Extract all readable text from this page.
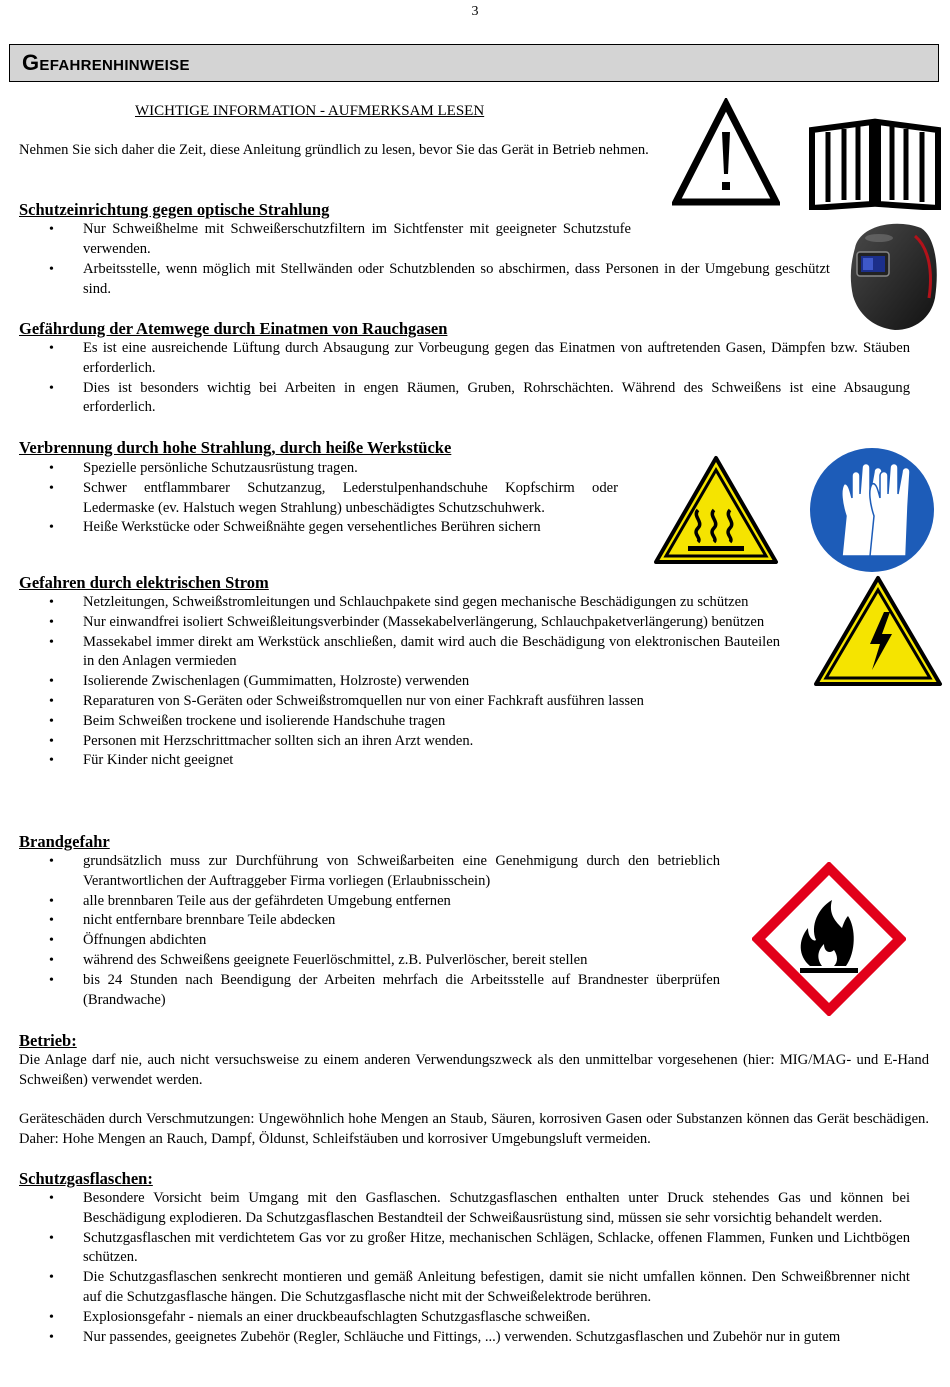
3
Gefahrenhinweise
WICHTIGE INFORMATION - AUFMERKSAM LESEN
Nehmen Sie sich daher die Zeit, diese Anleitung gründlich zu lesen, bevor Sie das Gerät in Betrieb nehmen.
Schutzeinrichtung gegen optische Strahlung
• Nur Schweißhelme mit Schweißerschutzfiltern im Sichtfenster mit geeigneter Schutzstufe verwenden.
• Arbeitsstelle, wenn möglich mit Stellwänden oder Schutzblenden so abschirmen, dass Personen in der Umgebung geschützt sind.
Gefährdung der Atemwege durch Einatmen von Rauchgasen
• Es ist eine ausreichende Lüftung durch Absaugung zur Vorbeugung gegen das Einatmen von auftretenden Gasen, Dämpfen bzw. Stäuben erforderlich.
• Dies ist besonders wichtig bei Arbeiten in engen Räumen, Gruben, Rohrschächten. Während des Schweißens ist eine Absaugung erforderlich.
Verbrennung durch hohe Strahlung, durch heiße Werkstücke
• Spezielle persönliche Schutzausrüstung tragen.
• Schwer entflammbarer Schutzanzug, Lederstulpenhandschuhe Kopfschirm oder Ledermaske (ev. Halstuch wegen Strahlung) unbeschädigtes Schutzschuhwerk.
• Heiße Werkstücke oder Schweißnähte gegen versehentliches Berühren sichern
Gefahren durch elektrischen Strom
• Netzleitungen, Schweißstromleitungen und Schlauchpakete sind gegen mechanische Beschädigungen zu schützen
• Nur einwandfrei isoliert Schweißleitungsverbinder (Massekabelverlängerung, Schlauchpaketverlängerung) benützen
• Massekabel immer direkt am Werkstück anschließen, damit wird auch die Beschädigung von elektronischen Bauteilen in den Anlagen vermieden
• Isolierende Zwischenlagen (Gummimatten, Holzroste) verwenden
• Reparaturen von S-Geräten oder Schweißstromquellen nur von einer Fachkraft ausführen lassen
• Beim Schweißen trockene und isolierende Handschuhe tragen
• Personen mit Herzschrittmacher sollten sich an ihren Arzt wenden.
• Für Kinder nicht geeignet
Brandgefahr
• grundsätzlich muss zur Durchführung von Schweißarbeiten eine Genehmigung durch den betrieblich Verantwortlichen der Auftraggeber Firma vorliegen (Erlaubnisschein)
• alle brennbaren Teile aus der gefährdeten Umgebung entfernen
• nicht entfernbare brennbare Teile abdecken
• Öffnungen abdichten
• während des Schweißens geeignete Feuerlöschmittel, z.B. Pulverlöscher, bereit stellen
• bis 24 Stunden nach Beendigung der Arbeiten mehrfach die Arbeitsstelle auf Brandnester überprüfen (Brandwache)
Betrieb:
Die Anlage darf nie, auch nicht versuchsweise zu einem anderen Verwendungszweck als den unmittelbar vorgesehenen (hier: MIG/MAG- und E-Hand Schweißen) verwendet werden.
Geräteschäden durch Verschmutzungen: Ungewöhnlich hohe Mengen an Staub, Säuren, korrosiven Gasen oder Substanzen können das Gerät beschädigen. Daher: Hohe Mengen an Rauch, Dampf, Öldunst, Schleifstäuben und korrosiver Umgebungsluft vermeiden.
Schutzgasflaschen:
• Besondere Vorsicht beim Umgang mit den Gasflaschen. Schutzgasflaschen enthalten unter Druck stehendes Gas und können bei Beschädigung explodieren. Da Schutzgasflaschen Bestandteil der Schweißausrüstung sind, müssen sie sehr vorsichtig behandelt werden.
• Schutzgasflaschen mit verdichtetem Gas vor zu großer Hitze, mechanischen Schlägen, Schlacke, offenen Flammen, Funken und Lichtbögen schützen.
• Die Schutzgasflaschen senkrecht montieren und gemäß Anleitung befestigen, damit sie nicht umfallen können. Den Schweißbrenner nicht auf die Schutzgasflasche hängen. Die Schutzgasflasche nicht mit der Schweißelektrode berühren.
• Explosionsgefahr - niemals an einer druckbeaufschlagten Schutzgasflasche schweißen.
• Nur passendes, geeignetes Zubehör (Regler, Schläuche und Fittings, ...) verwenden. Schutzgasflaschen und Zubehör nur in gutem
